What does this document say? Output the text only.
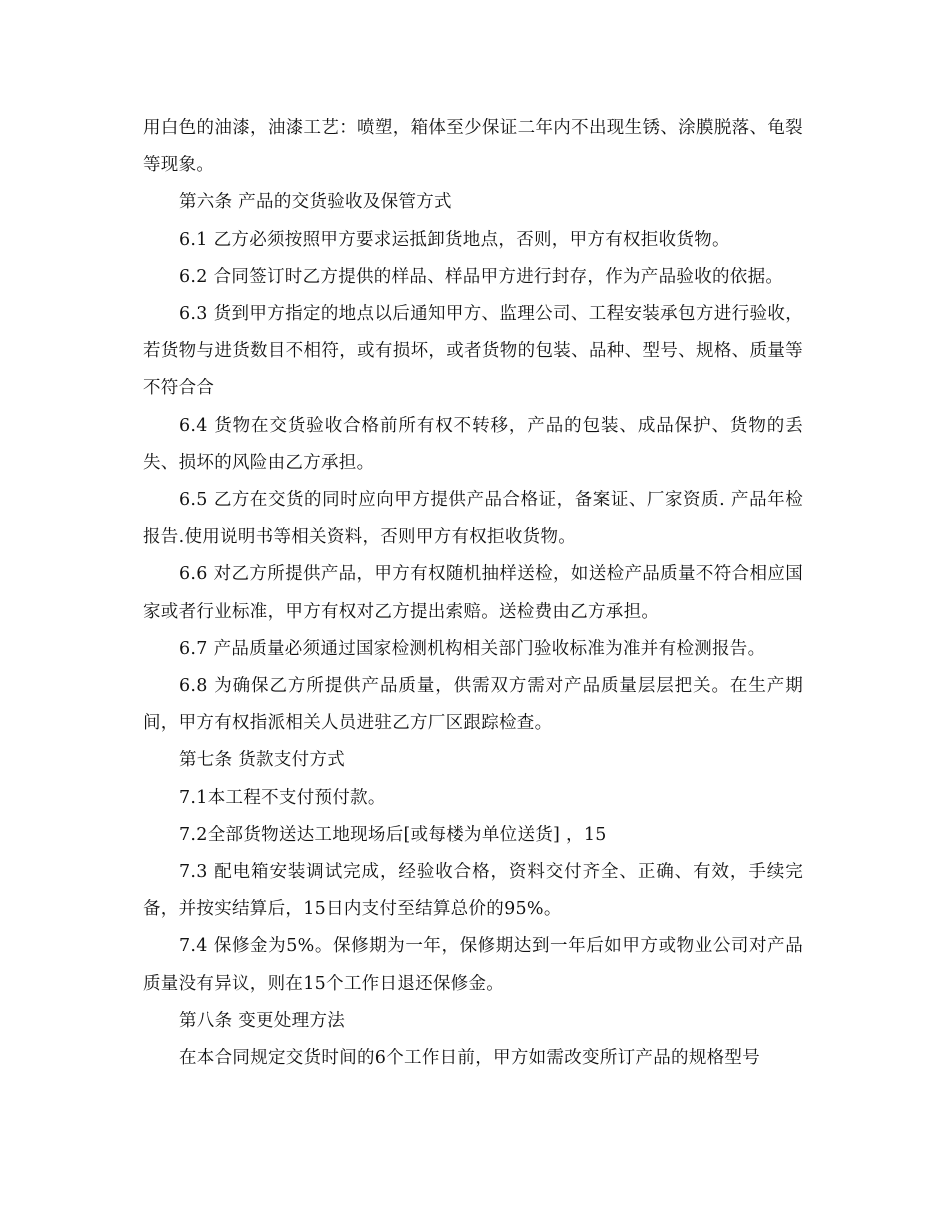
用白色的油漆，油漆工艺：喷塑，箱体至少保证二年内不出现生锈、涂膜脱落、龟裂等现象。

第六条 产品的交货验收及保管方式

6.1 乙方必须按照甲方要求运抵卸货地点，否则，甲方有权拒收货物。

6.2 合同签订时乙方提供的样品、样品甲方进行封存，作为产品验收的依据。

6.3 货到甲方指定的地点以后通知甲方、监理公司、工程安装承包方进行验收，若货物与进货数目不相符，或有损坏，或者货物的包装、品种、型号、规格、质量等不符合合

6.4 货物在交货验收合格前所有权不转移，产品的包装、成品保护、货物的丢失、损坏的风险由乙方承担。

6.5 乙方在交货的同时应向甲方提供产品合格证，备案证、厂家资质. 产品年检报告.使用说明书等相关资料，否则甲方有权拒收货物。

6.6 对乙方所提供产品，甲方有权随机抽样送检，如送检产品质量不符合相应国家或者行业标准，甲方有权对乙方提出索赔。送检费由乙方承担。

6.7 产品质量必须通过国家检测机构相关部门验收标准为准并有检测报告。

6.8 为确保乙方所提供产品质量，供需双方需对产品质量层层把关。在生产期间，甲方有权指派相关人员进驻乙方厂区跟踪检查。

第七条 货款支付方式

7.1本工程不支付预付款。

7.2全部货物送达工地现场后[或每楼为单位送货] ，15

7.3 配电箱安装调试完成，经验收合格，资料交付齐全、正确、有效，手续完备，并按实结算后，15日内支付至结算总价的95%。

7.4 保修金为5%。保修期为一年，保修期达到一年后如甲方或物业公司对产品质量没有异议，则在15个工作日退还保修金。

第八条 变更处理方法

在本合同规定交货时间的6个工作日前，甲方如需改变所订产品的规格型号
